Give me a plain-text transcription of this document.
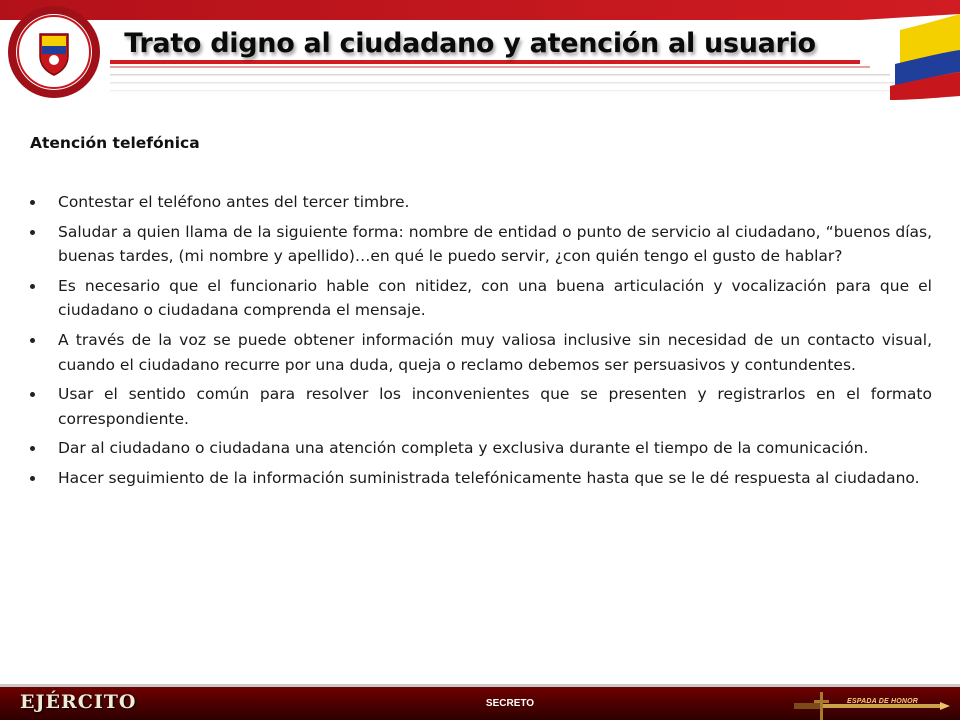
Trato digno al ciudadano y atención al usuario
Atención telefónica
Contestar el teléfono antes del tercer timbre.
Saludar a quien llama de la siguiente forma: nombre de entidad o punto de servicio al ciudadano, “buenos días, buenas tardes, (mi nombre y apellido)…en qué le puedo servir, ¿con quién tengo el gusto de hablar?
Es necesario que el funcionario hable con nitidez, con una buena articulación y vocalización para que el ciudadano o ciudadana comprenda el mensaje.
A través de la voz se puede obtener información muy valiosa inclusive sin necesidad de un contacto visual, cuando el ciudadano recurre por una duda, queja o reclamo debemos ser persuasivos y contundentes.
Usar el sentido común para resolver los inconvenientes que se presenten y registrarlos en el formato correspondiente.
Dar al ciudadano o ciudadana una atención completa y exclusiva durante el tiempo de la comunicación.
Hacer seguimiento de la información suministrada telefónicamente hasta que se le dé respuesta al ciudadano.
EJÉRCITO	SECRETO	ESPADA DE HONOR
